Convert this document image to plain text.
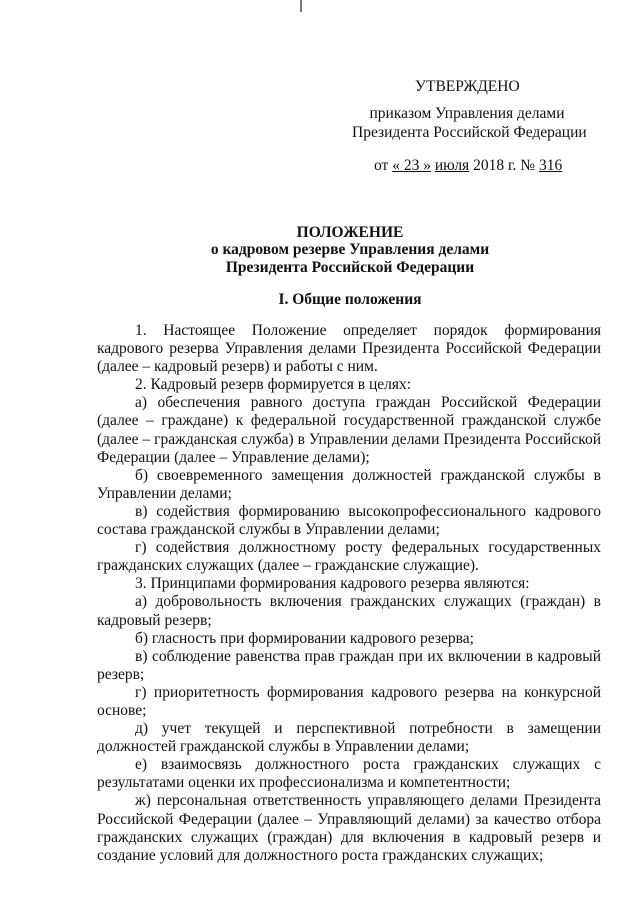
УТВЕРЖДЕНО
приказом Управления делами
Президента Российской Федерации
от « 23 » июля 2018 г. № 316
ПОЛОЖЕНИЕ
о кадровом резерве Управления делами
Президента Российской Федерации
I. Общие положения

1. Настоящее Положение определяет порядок формирования кадрового резерва Управления делами Президента Российской Федерации (далее – кадровый резерв) и работы с ним.

2. Кадровый резерв формируется в целях:

а) обеспечения равного доступа граждан Российской Федерации (далее – граждане) к федеральной государственной гражданской службе (далее – гражданская служба) в Управлении делами Президента Российской Федерации (далее – Управление делами);

б) своевременного замещения должностей гражданской службы в Управлении делами;

в) содействия формированию высокопрофессионального кадрового состава гражданской службы в Управлении делами;

г) содействия должностному росту федеральных государственных гражданских служащих (далее – гражданские служащие).

3. Принципами формирования кадрового резерва являются:

а) добровольность включения гражданских служащих (граждан) в кадровый резерв;

б) гласность при формировании кадрового резерва;

в) соблюдение равенства прав граждан при их включении в кадровый резерв;

г) приоритетность формирования кадрового резерва на конкурсной основе;

д) учет текущей и перспективной потребности в замещении должностей гражданской службы в Управлении делами;

е) взаимосвязь должностного роста гражданских служащих с результатами оценки их профессионализма и компетентности;

ж) персональная ответственность управляющего делами Президента Российской Федерации (далее – Управляющий делами) за качество отбора гражданских служащих (граждан) для включения в кадровый резерв и создание условий для должностного роста гражданских служащих;
